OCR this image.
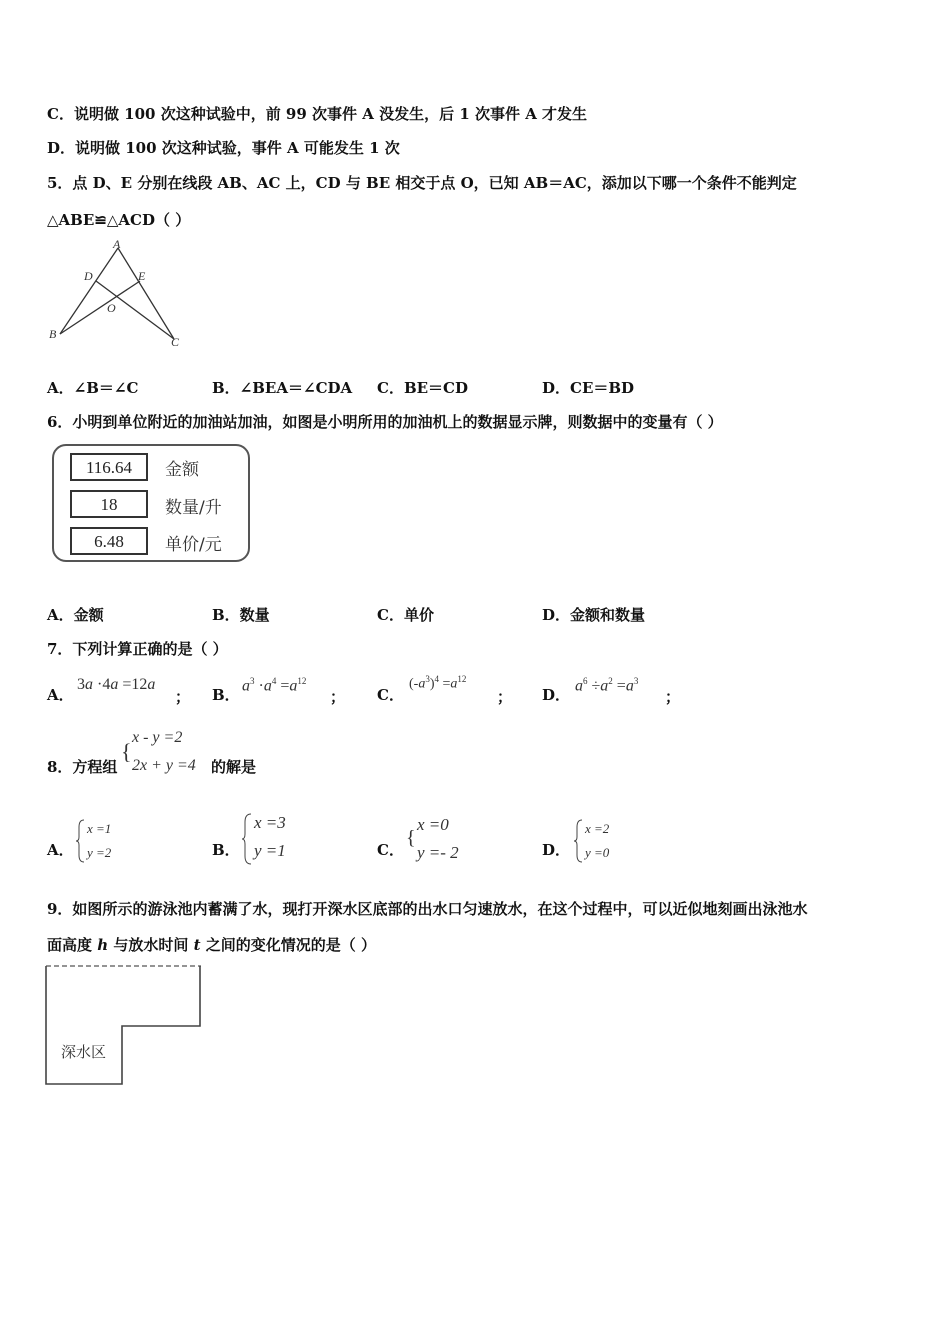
C．说明做 100 次这种试验中，前 99 次事件 A 没发生，后 1 次事件 A 才发生
D．说明做 100 次这种试验，事件 A 可能发生 1 次
5．点 D、E 分别在线段 AB、AC 上，CD 与 BE 相交于点 O，已知 AB＝AC，添加以下哪一个条件不能判定
△ABE≌△ACD（ ）
A
D	E
O
B
C
A．∠B＝∠C	B．∠BEA＝∠CDA C．BE＝CD	D．CE＝BD
6．小明到单位附近的加油站加油，如图是小明所用的加油机上的数据显示牌，则数据中的变量有（ ）
116.64	金额
18	数量/升
6.48	单价/元
A．金额	B．数量	C．单价	D．金额和数量
7．下列计算正确的是（ ）
A．
3a ·4a =12a
； B．
$a^3 \cdot a^4 =a^{12}$
； C．
$(-a^3)^4 =a^{12}$
； D．
$a^6 \div a^2 =a^3$
；
8．方程组
{
x - y =2
2x + y =4 的解是
A．
x =1
y =2	B．
x =3
y =1	C．
{
x =0
y =- 2	D．
x =2
y =0
9．如图所示的游泳池内蓄满了水，现打开深水区底部的出水口匀速放水，在这个过程中，可以近似地刻画出泳池水
面高度 h 与放水时间 t 之间的变化情况的是（ ）
深水区
